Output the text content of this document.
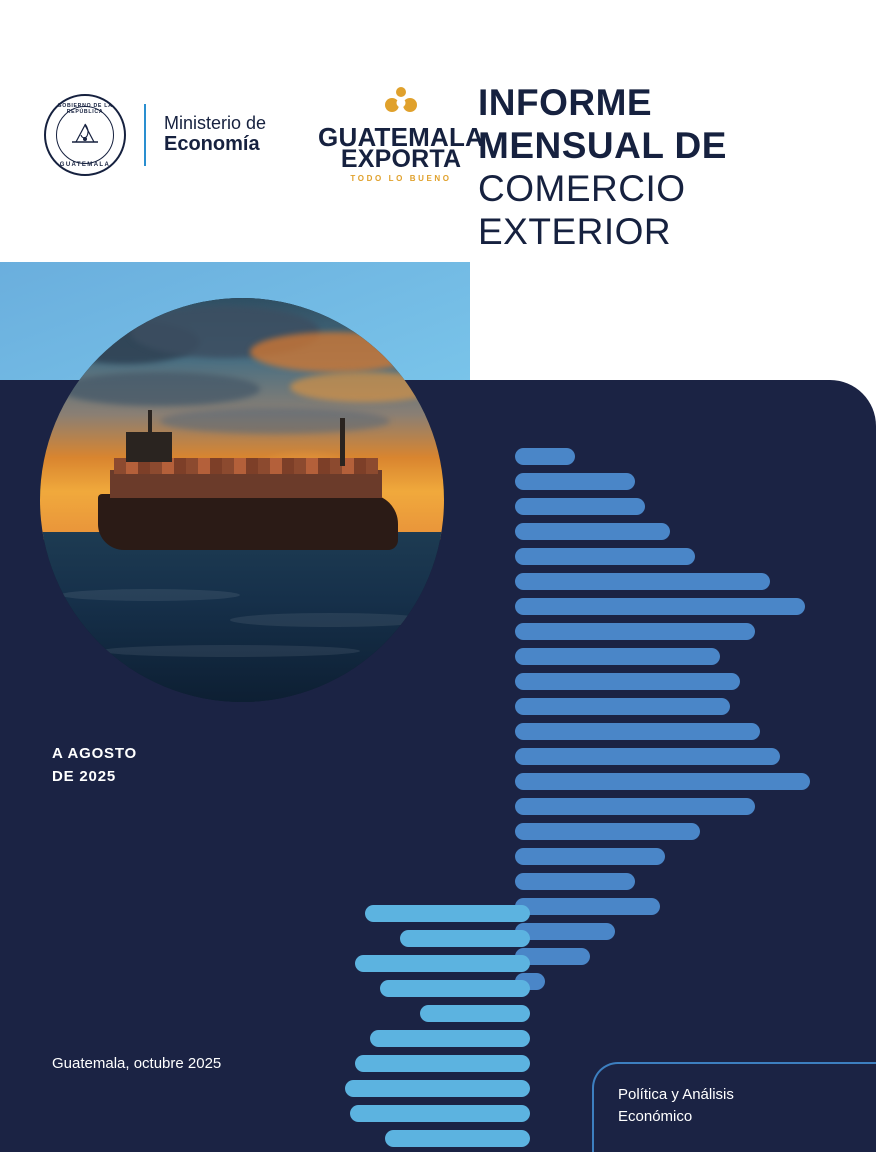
GOBIERNO DE LA REPÚBLICA
GUATEMALA
Ministerio de
Economía GUATEMALA
EXPORTA
TODO LO BUENO
INFORME
MENSUAL DE
COMERCIO
EXTERIOR
A AGOSTO
DE 2025
Guatemala, octubre 2025
Política y Análisis
Económico
